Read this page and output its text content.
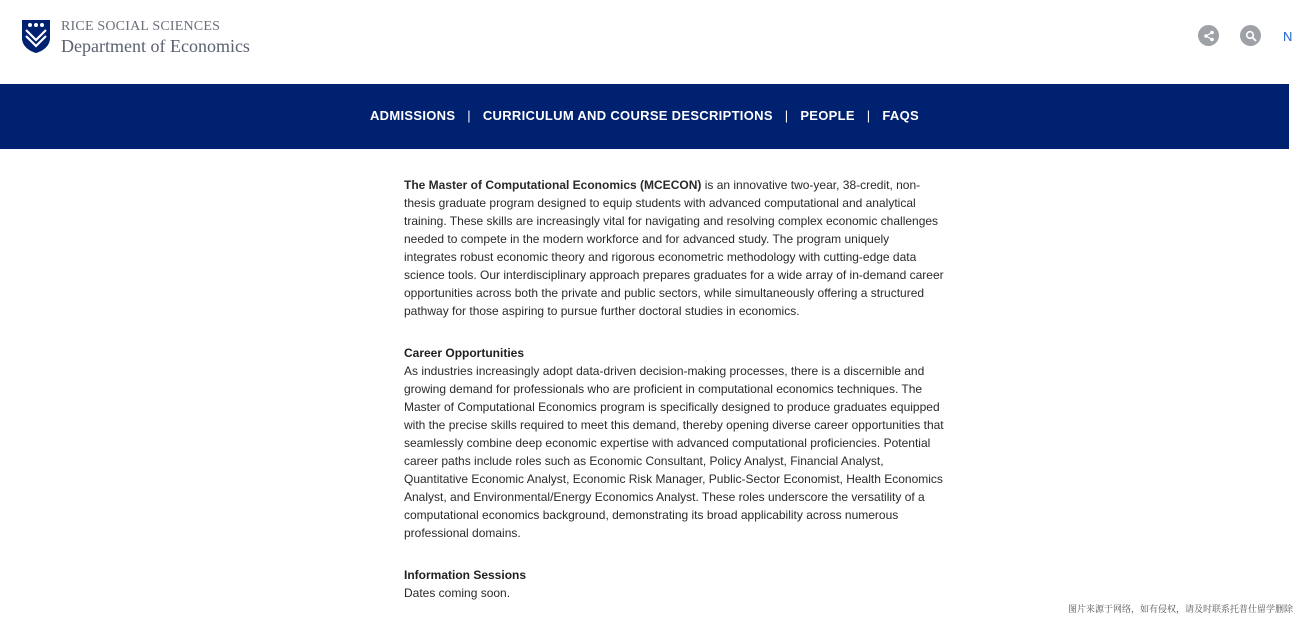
RICE SOCIAL SCIENCES
Department of Economics	N
ADMISSIONS | CURRICULUM AND COURSE DESCRIPTIONS | PEOPLE | FAQS

The Master of Computational Economics (MCECON) is an innovative two-year, 38-credit, non-thesis graduate program designed to equip students with advanced computational and analytical training. These skills are increasingly vital for navigating and resolving complex economic challenges needed to compete in the modern workforce and for advanced study. The program uniquely integrates robust economic theory and rigorous econometric methodology with cutting-edge data science tools. Our interdisciplinary approach prepares graduates for a wide array of in-demand career opportunities across both the private and public sectors, while simultaneously offering a structured pathway for those aspiring to pursue further doctoral studies in economics.

Career Opportunities

As industries increasingly adopt data-driven decision-making processes, there is a discernible and growing demand for professionals who are proficient in computational economics techniques. The Master of Computational Economics program is specifically designed to produce graduates equipped with the precise skills required to meet this demand, thereby opening diverse career opportunities that seamlessly combine deep economic expertise with advanced computational proficiencies. Potential career paths include roles such as Economic Consultant, Policy Analyst, Financial Analyst, Quantitative Economic Analyst, Economic Risk Manager, Public-Sector Economist, Health Economics Analyst, and Environmental/Energy Economics Analyst. These roles underscore the versatility of a computational economics background, demonstrating its broad applicability across numerous professional domains.

Information Sessions

Dates coming soon.

图片来源于网络，如有侵权，请及时联系托普仕留学删除
